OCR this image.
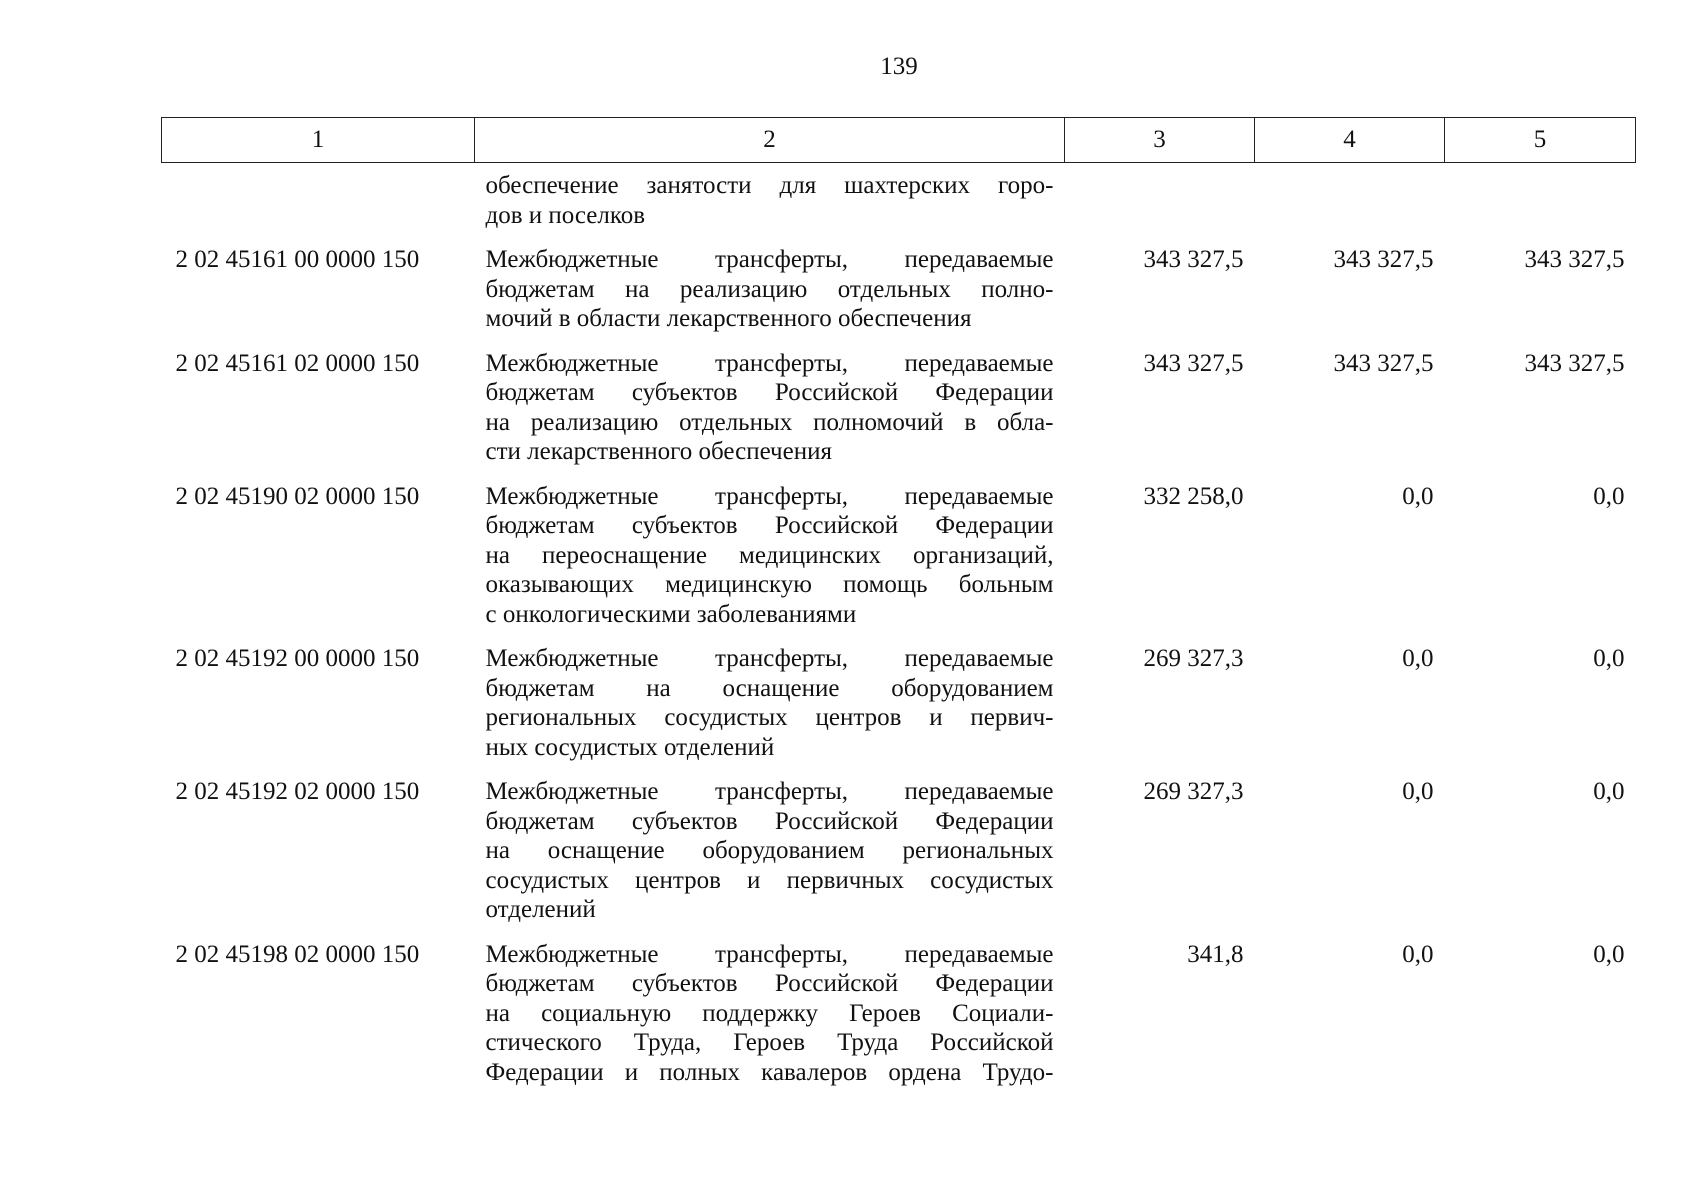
139
1	2	3	4	5

	обеспечение занятости для шахтерских горо-
дов и поселков			

2 02 45161 00 0000 150	Межбюджетные трансферты, передаваемые
бюджетам на реализацию отдельных полно-
мочий в области лекарственного обеспечения	343 327,5	343 327,5	343 327,5
2 02 45161 02 0000 150	Межбюджетные трансферты, передаваемые
бюджетам субъектов Российской Федерации
на реализацию отдельных полномочий в обла-
сти лекарственного обеспечения	343 327,5	343 327,5	343 327,5
2 02 45190 02 0000 150	Межбюджетные трансферты, передаваемые
бюджетам субъектов Российской Федерации
на переоснащение медицинских организаций,
оказывающих медицинскую помощь больным
с онкологическими заболеваниями	332 258,0	0,0	0,0
2 02 45192 00 0000 150	Межбюджетные трансферты, передаваемые
бюджетам на оснащение оборудованием
региональных сосудистых центров и первич-
ных сосудистых отделений	269 327,3	0,0	0,0
2 02 45192 02 0000 150	Межбюджетные трансферты, передаваемые
бюджетам субъектов Российской Федерации
на оснащение оборудованием региональных
сосудистых центров и первичных сосудистых
отделений	269 327,3	0,0	0,0
2 02 45198 02 0000 150	Межбюджетные трансферты, передаваемые
бюджетам субъектов Российской Федерации
на социальную поддержку Героев Социали-
стического Труда, Героев Труда Российской
Федерации и полных кавалеров ордена Трудо-	341,8	0,0	0,0
